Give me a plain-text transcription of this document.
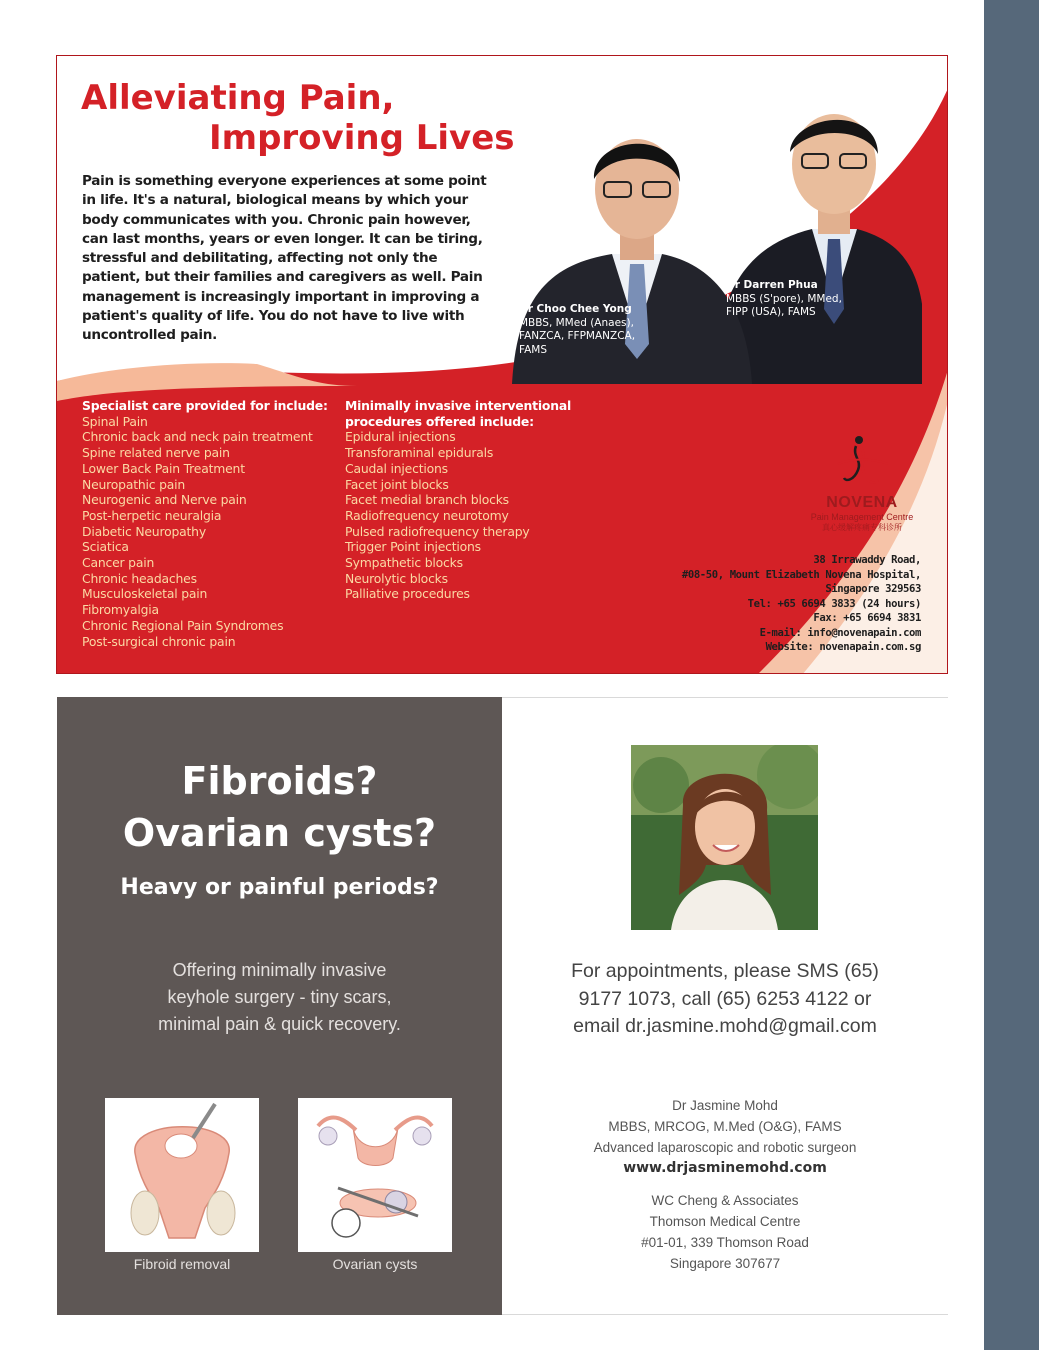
Alleviating Pain,
Improving Lives
Pain is something everyone experiences at some point in life. It's a natural, biological means by which your body communicates with you. Chronic pain however, can last months, years or even longer. It can be tiring, stressful and debilitating, affecting not only the patient, but their families and caregivers as well. Pain management is increasingly important in improving a patient's quality of life. You do not have to live with uncontrolled pain.
Dr Choo Chee Yong
MBBS, MMed (Anaes),
FANZCA, FFPMANZCA,
FAMS
Dr Darren Phua
MBBS (S'pore), MMed,
FIPP (USA), FAMS
Specialist care provided for include:
Spinal Pain
Chronic back and neck pain treatment
Spine related nerve pain
Lower Back Pain Treatment
Neuropathic pain
Neurogenic and Nerve pain
Post-herpetic neuralgia
Diabetic Neuropathy
Sciatica
Cancer pain
Chronic headaches
Musculoskeletal pain
Fibromyalgia
Chronic Regional Pain Syndromes
Post-surgical chronic pain
Minimally invasive interventional
procedures offered include:
Epidural injections
Transforaminal epidurals
Caudal injections
Facet joint blocks
Facet medial branch blocks
Radiofrequency neurotomy
Pulsed radiofrequency therapy
Trigger Point injections
Sympathetic blocks
Neurolytic blocks
Palliative procedures
NOVENA
Pain Management Centre
真心缓解疼痛专科诊所
38 Irrawaddy Road,
#08-50, Mount Elizabeth Novena Hospital,
Singapore 329563
Tel: +65 6694 3833 (24 hours)
Fax: +65 6694 3831
E-mail: info@novenapain.com
Website: novenapain.com.sg
Fibroids?
Ovarian cysts?
Heavy or painful periods?
Offering minimally invasive
keyhole surgery - tiny scars,
minimal pain & quick recovery.
Fibroid removal	Ovarian cysts
For appointments, please SMS (65)
9177 1073, call (65) 6253 4122 or
email dr.jasmine.mohd@gmail.com
Dr Jasmine Mohd
MBBS, MRCOG, M.Med (O&G), FAMS
Advanced laparoscopic and robotic surgeon
www.drjasminemohd.com
WC Cheng & Associates
Thomson Medical Centre
#01-01, 339 Thomson Road
Singapore 307677
